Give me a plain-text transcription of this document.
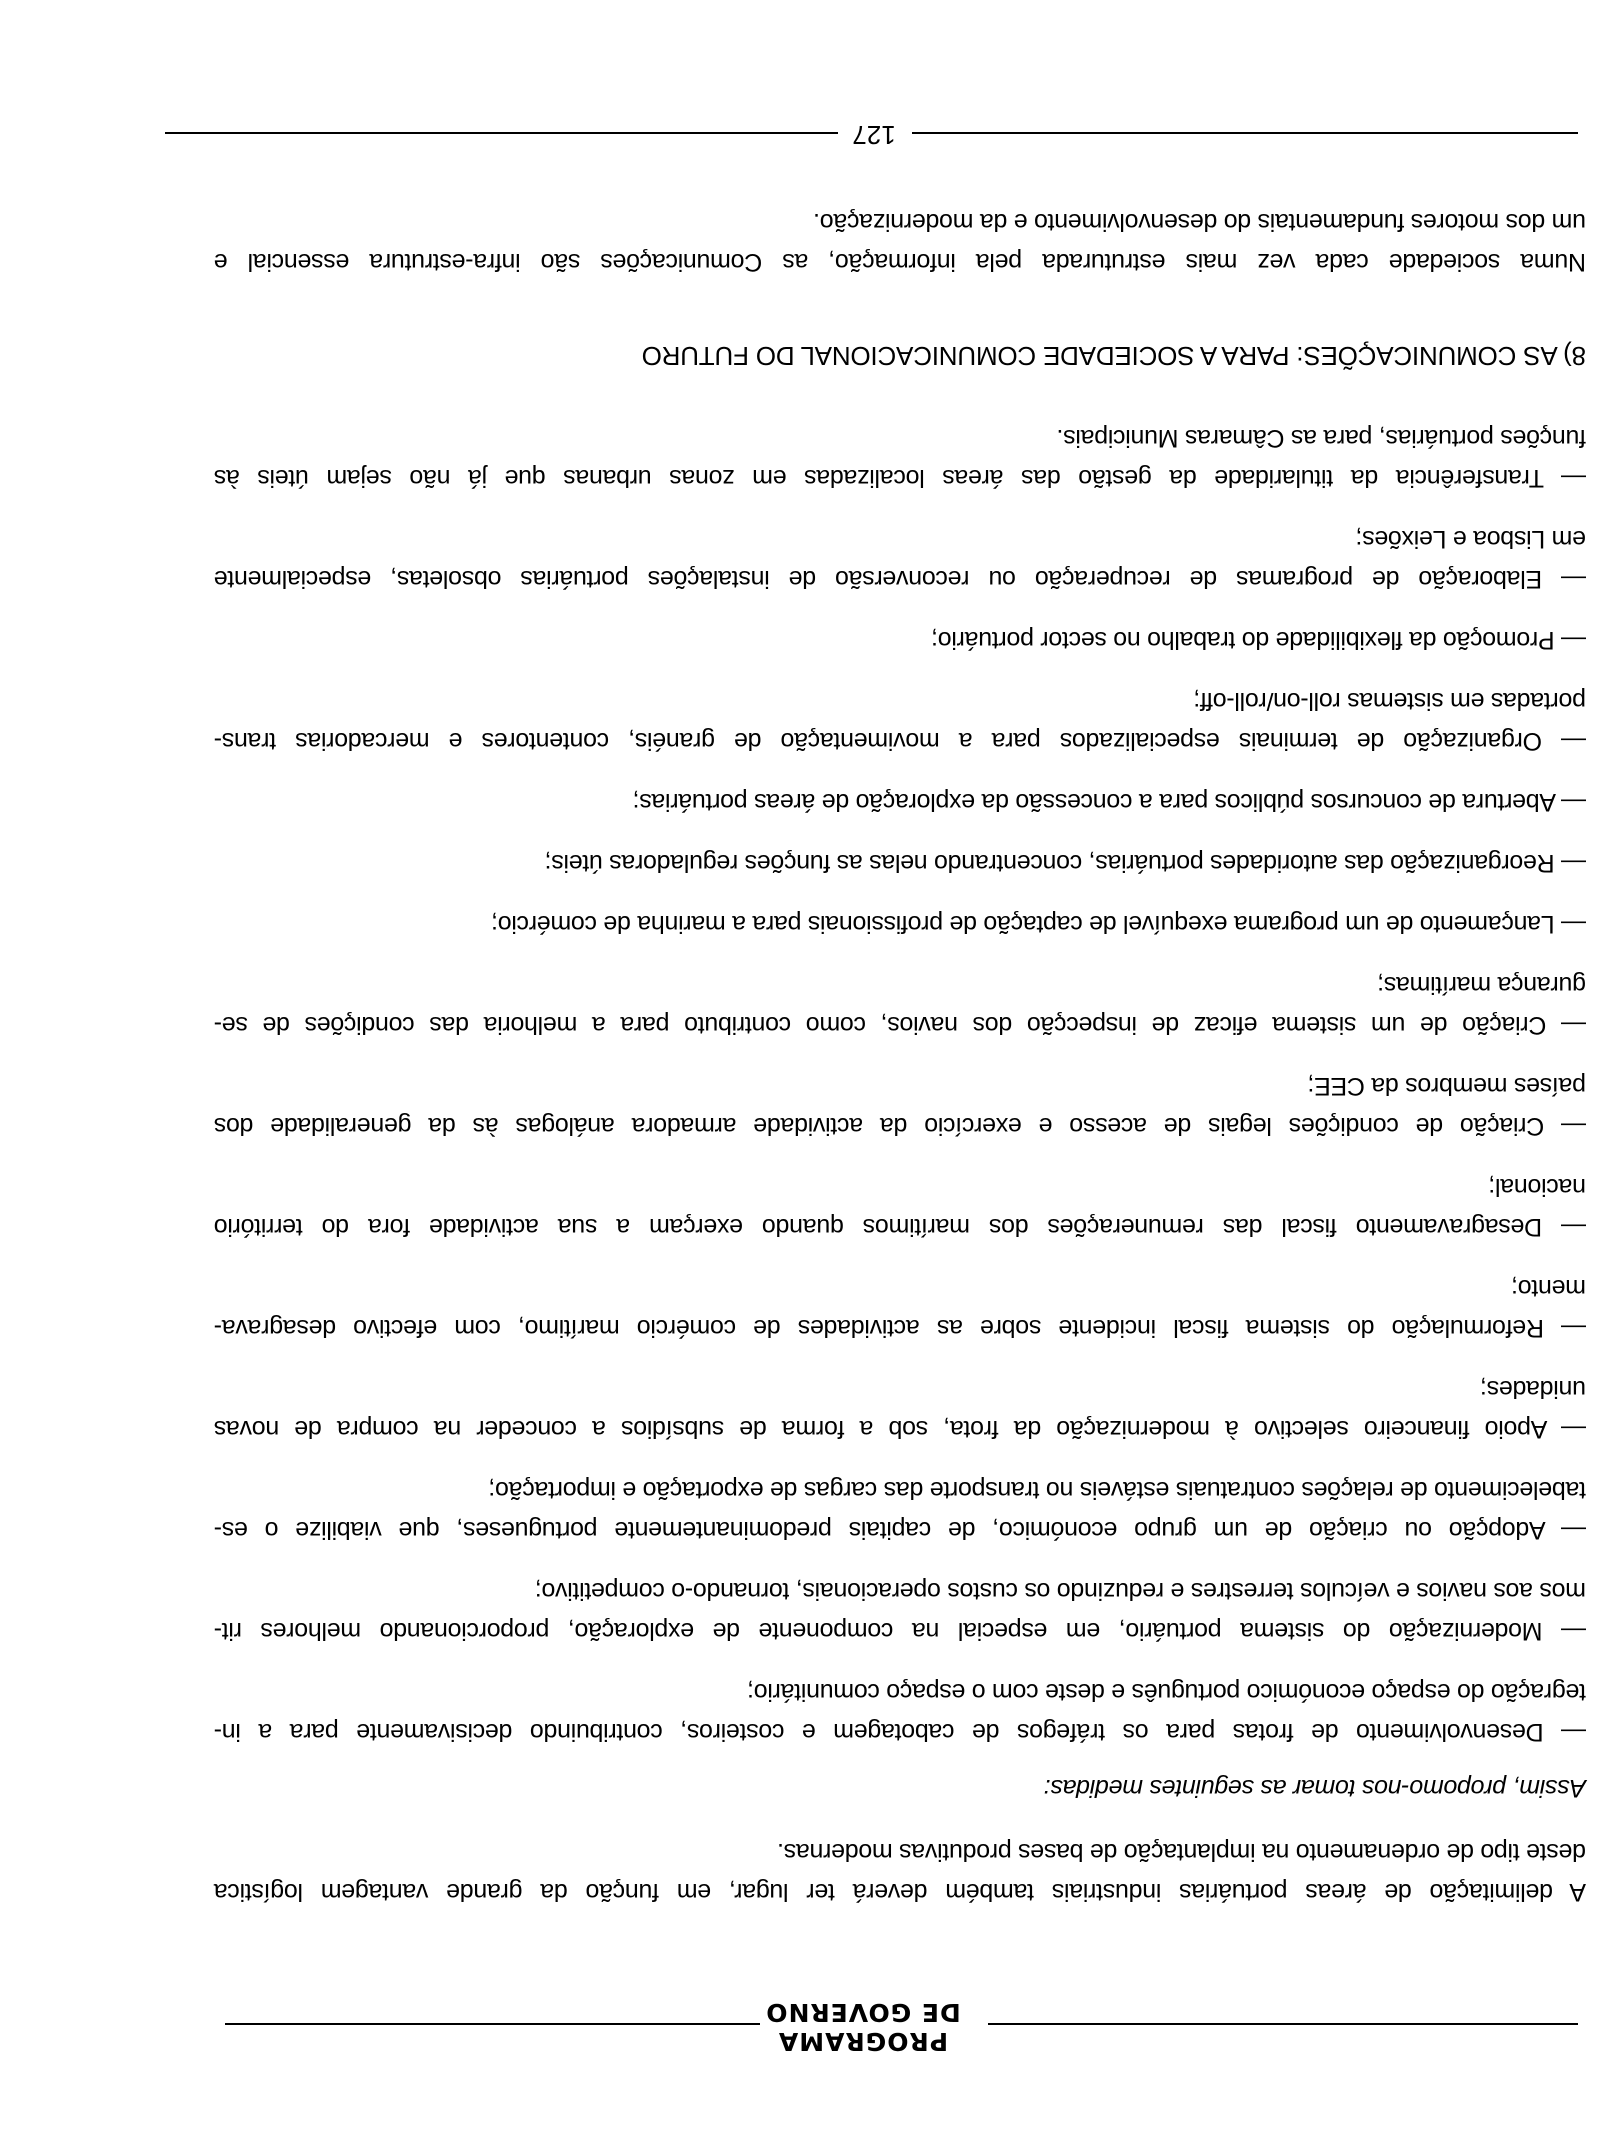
PROGRAMA
DE GOVERNO
A delimitação de áreas portuárias industriais também deverá ter lugar, em função da grande vantagem logística
deste tipo de ordenamento na implantação de bases produtivas modernas.
Assim, propomo-nos tomar as seguintes medidas:
— Desenvolvimento de frotas para os tráfegos de cabotagem e costeiros, contribuindo decisivamente para a in-
tegração do espaço económico português e deste com o espaço comunitário;
— Modernização do sistema portuário, em especial na componente de exploração, proporcionando melhores rit-
mos aos navios e veículos terrestres e reduzindo os custos operacionais, tornando-o competitivo;
— Adopção ou criação de um grupo económico, de capitais predominantemente portugueses, que viabilize o es-
tabelecimento de relações contratuais estáveis no transporte das cargas de exportação e importação;
— Apoio financeiro selectivo à modernização da frota, sob a forma de subsídios a conceder na compra de novas
unidades;
— Reformulação do sistema fiscal incidente sobre as actividades de comércio marítimo, com efectivo desagrava-
mento;
— Desagravamento fiscal das remunerações dos marítimos quando exerçam a sua actividade fora do território
nacional;
— Criação de condições legais de acesso e exercício da actividade armadora análogas às da generalidade dos
países membros da CEE;
— Criação de um sistema eficaz de inspecção dos navios, como contributo para a melhoria das condições de se-
gurança marítimas;
— Lançamento de um programa exequível de captação de profissionais para a marinha de comércio;
— Reorganização das autoridades portuárias, concentrando nelas as funções reguladoras úteis;
— Abertura de concursos públicos para a concessão da exploração de áreas portuárias;
— Organização de terminais especializados para a movimentação de granéis, contentores e mercadorias trans-
portadas em sistemas roll-on/roll-off;
— Promoção da flexibilidade do trabalho no sector portuário;
— Elaboração de programas de recuperação ou reconversão de instalações portuárias obsoletas, especialmente
em Lisboa e Leixões;
— Transferência da titularidade da gestão das áreas localizadas em zonas urbanas que já não sejam úteis às
funções portuárias, para as Câmaras Municipais.
8) AS COMUNICAÇÕES: PARA A SOCIEDADE COMUNICACIONAL DO FUTURO
Numa sociedade cada vez mais estruturada pela informação, as Comunicações são infra-estrutura essencial e
um dos motores fundamentais do desenvolvimento e da modernização.
127
